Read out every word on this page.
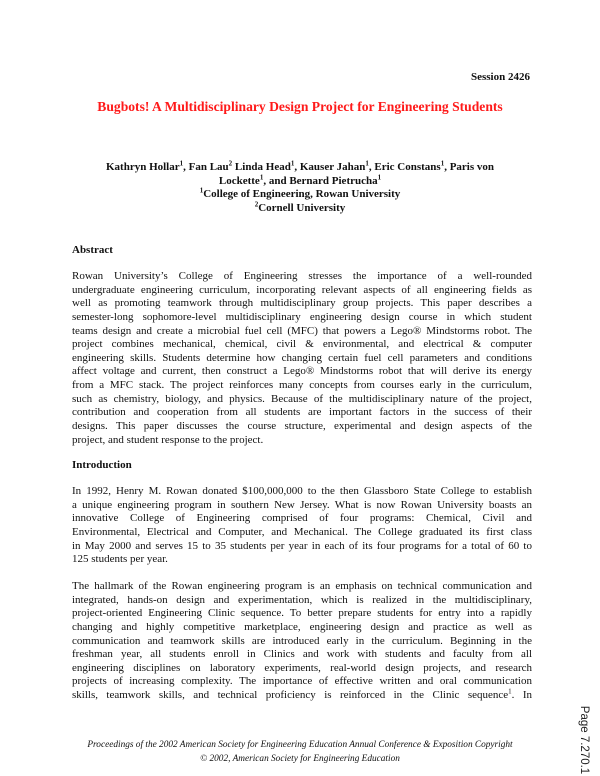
Session 2426
Bugbots! A Multidisciplinary Design Project for Engineering Students
Kathryn Hollar$^1$, Fan Lau$^2$ Linda Head$^1$, Kauser Jahan$^1$, Eric Constans$^1$, Paris von
Lockette$^1$, and Bernard Pietrucha$^1$
$^1$College of Engineering, Rowan University
$^2$Cornell University
Abstract
Rowan University’s College of Engineering stresses the importance of a well-rounded
undergraduate engineering curriculum, incorporating relevant aspects of all engineering fields as
well as promoting teamwork through multidisciplinary group projects. This paper describes a
semester-long sophomore-level multidisciplinary engineering design course in which student
teams design and create a microbial fuel cell (MFC) that powers a Lego® Mindstorms robot. The
project combines mechanical, chemical, civil & environmental, and electrical & computer
engineering skills. Students determine how changing certain fuel cell parameters and conditions
affect voltage and current, then construct a Lego® Mindstorms robot that will derive its energy
from a MFC stack. The project reinforces many concepts from courses early in the curriculum,
such as chemistry, biology, and physics. Because of the multidisciplinary nature of the project,
contribution and cooperation from all students are important factors in the success of their
designs. This paper discusses the course structure, experimental and design aspects of the
project, and student response to the project.
Introduction
In 1992, Henry M. Rowan donated $100,000,000 to the then Glassboro State College to establish
a unique engineering program in southern New Jersey. What is now Rowan University boasts an
innovative College of Engineering comprised of four programs: Chemical, Civil and
Environmental, Electrical and Computer, and Mechanical. The College graduated its first class
in May 2000 and serves 15 to 35 students per year in each of its four programs for a total of 60 to
125 students per year.
The hallmark of the Rowan engineering program is an emphasis on technical communication and
integrated, hands-on design and experimentation, which is realized in the multidisciplinary,
project-oriented Engineering Clinic sequence. To better prepare students for entry into a rapidly
changing and highly competitive marketplace, engineering design and practice as well as
communication and teamwork skills are introduced early in the curriculum. Beginning in the
freshman year, all students enroll in Clinics and work with students and faculty from all
engineering disciplines on laboratory experiments, real-world design projects, and research
projects of increasing complexity. The importance of effective written and oral communication
skills, teamwork skills, and technical proficiency is reinforced in the Clinic sequence$^1$. In
Proceedings of the 2002 American Society for Engineering Education Annual Conference & Exposition Copyright
© 2002, American Society for Engineering Education	Page 7.270.1
